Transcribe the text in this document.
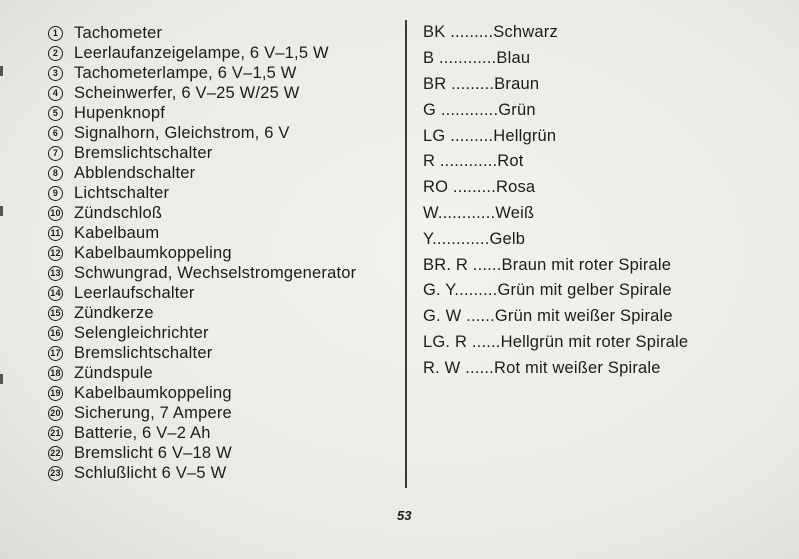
1 Tachometer
2 Leerlaufanzeigelampe, 6 V–1,5 W
3 Tachometerlampe, 6 V–1,5 W
4 Scheinwerfer, 6 V–25 W/25 W
5 Hupenknopf
6 Signalhorn, Gleichstrom, 6 V
7 Bremslichtschalter
8 Abblendschalter
9 Lichtschalter
10 Zündschloß
11 Kabelbaum
12 Kabelbaumkoppeling
13 Schwungrad, Wechselstromgenerator
14 Leerlaufschalter
15 Zündkerze
16 Selengleichrichter
17 Bremslichtschalter
18 Zündspule
19 Kabelbaumkoppeling
20 Sicherung, 7 Ampere
21 Batterie, 6 V–2 Ah
22 Bremslicht 6 V–18 W
23 Schlußlicht 6 V–5 W
BK .........Schwarz
B ............Blau
BR .........Braun
G ............Grün
LG .........Hellgrün
R ............Rot
RO .........Rosa
W............Weiß
Y............Gelb
BR. R ......Braun mit roter Spirale
G. Y.........Grün mit gelber Spirale
G. W ......Grün mit weißer Spirale
LG. R ......Hellgrün mit roter Spirale
R. W ......Rot mit weißer Spirale
53
